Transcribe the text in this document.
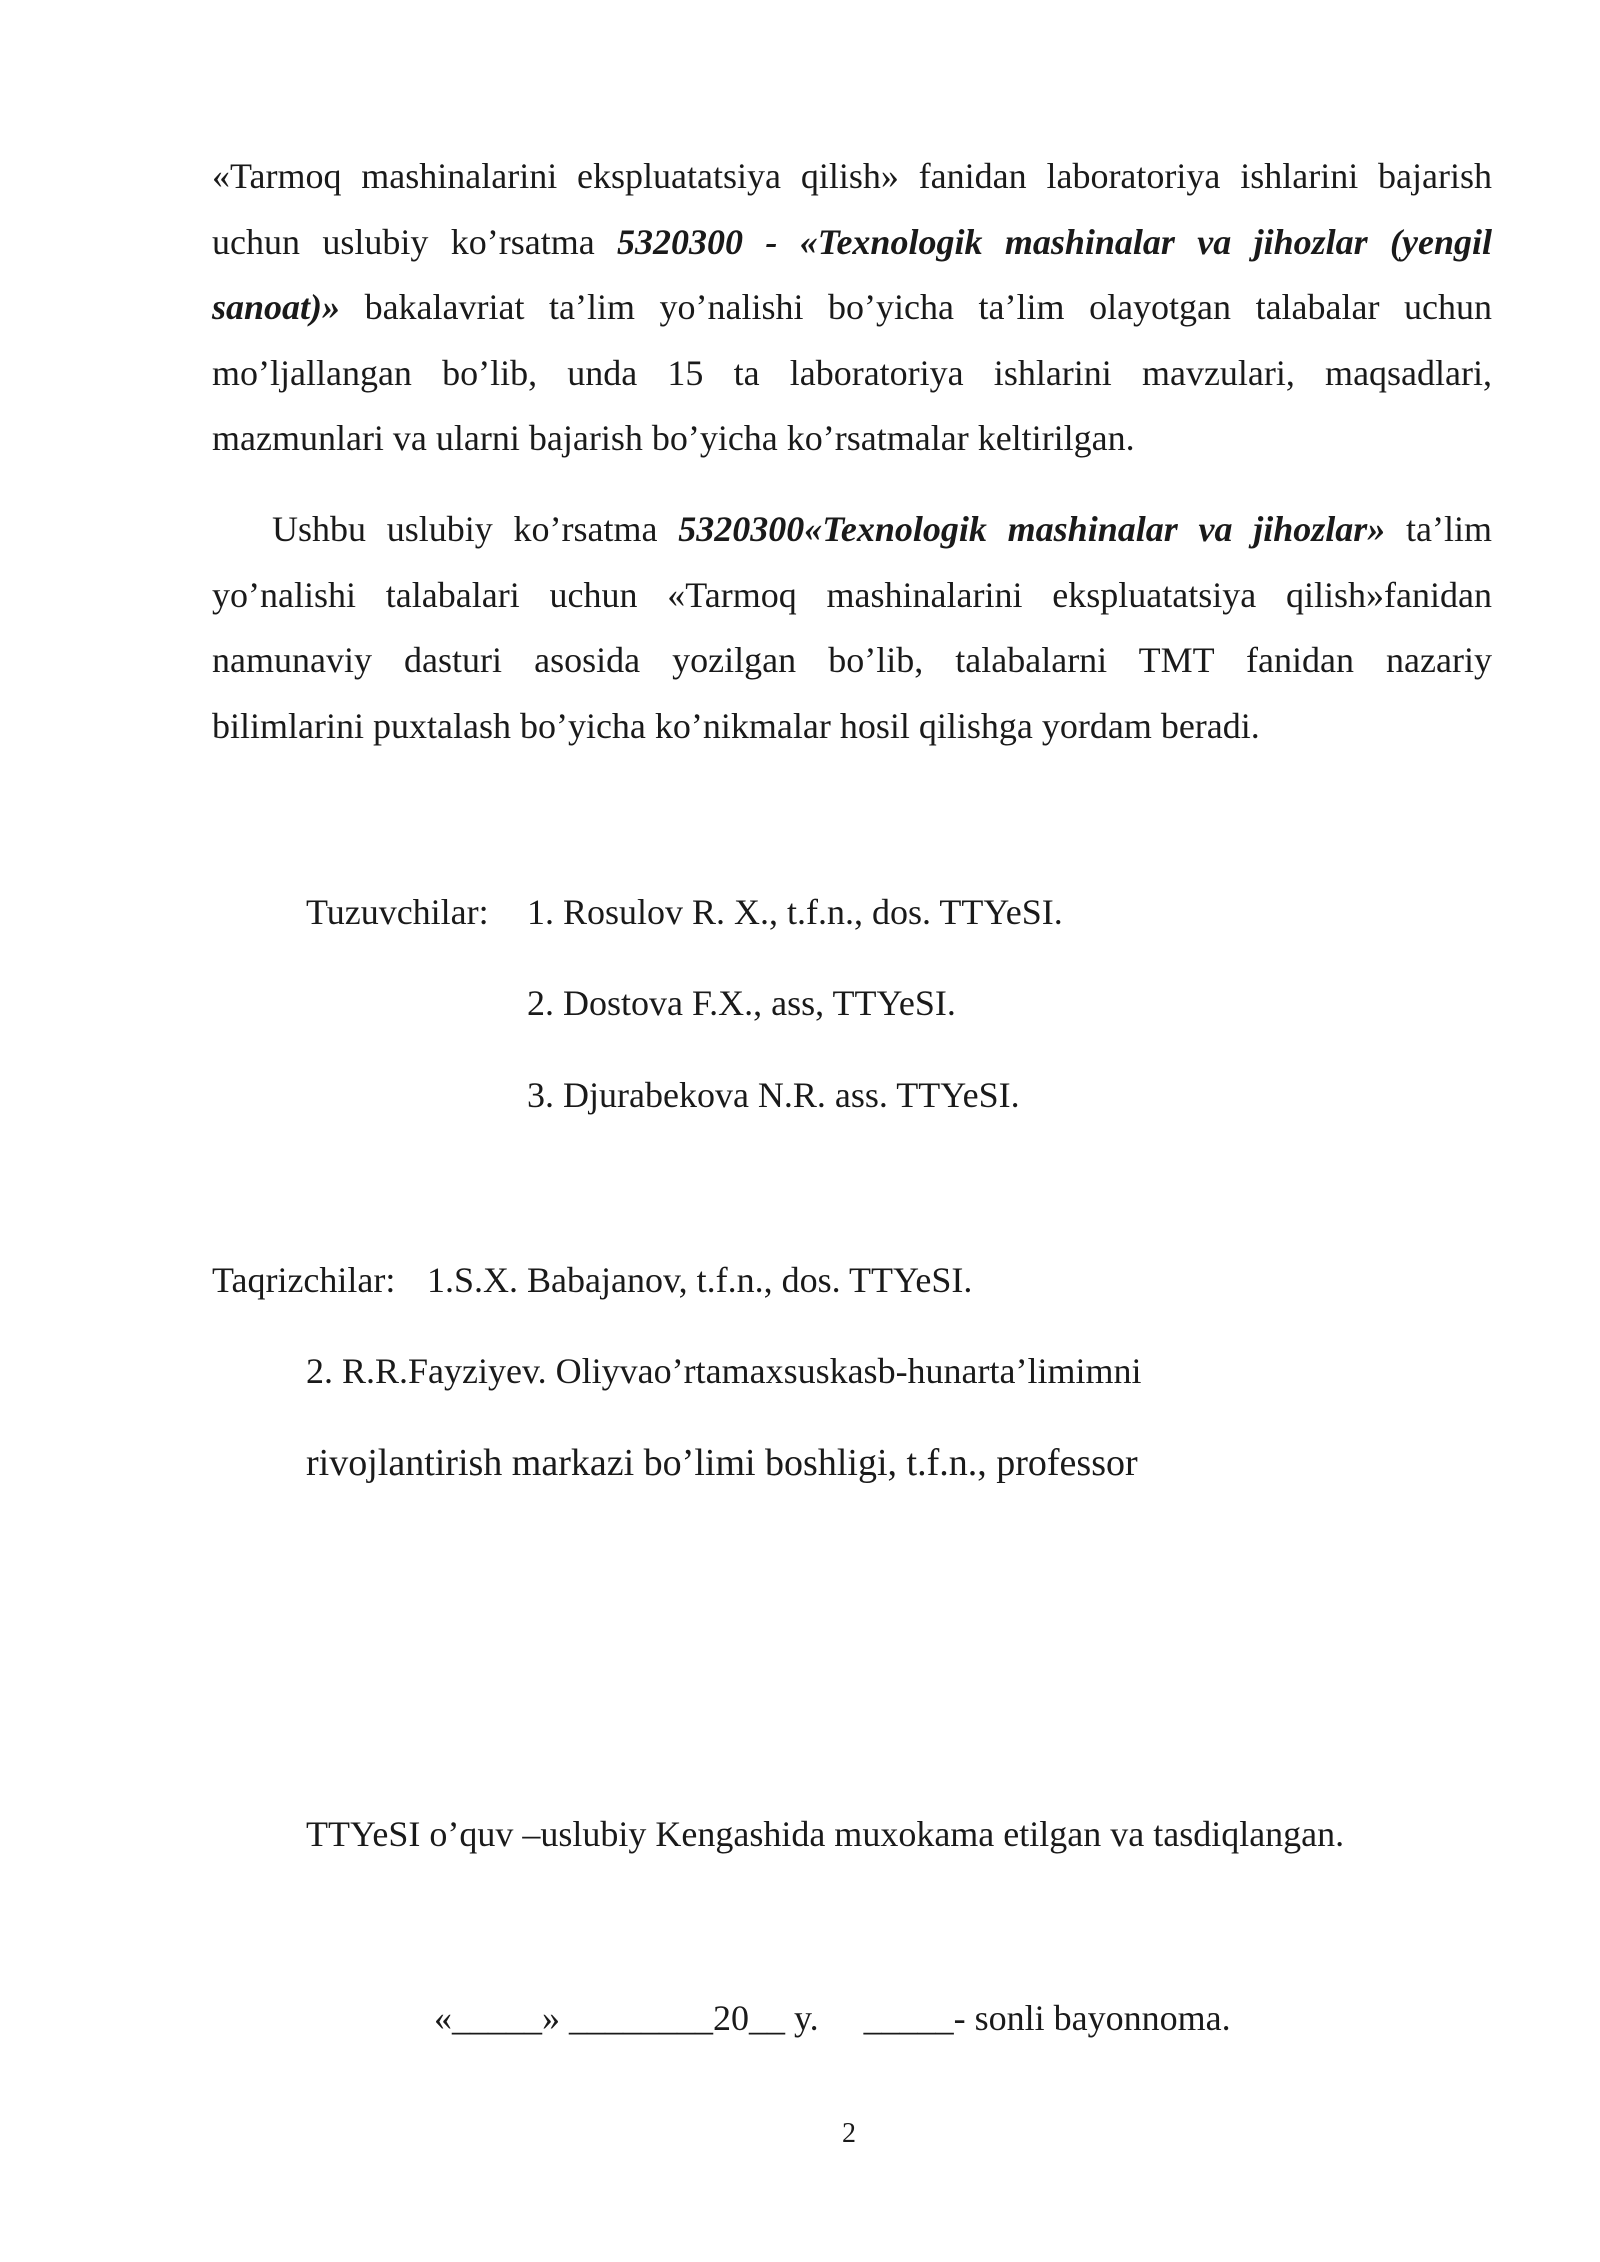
«Tarmoq mashinalarini ekspluatatsiya qilish» fanidan laboratoriya ishlarini bajarish
uchun uslubiy ko’rsatma 5320300 - «Texnologik mashinalar va jihozlar (yengil
sanoat)» bakalavriat ta’lim yo’nalishi bo’yicha ta’lim olayotgan talabalar uchun
mo’ljallangan bo’lib, unda 15 ta laboratoriya ishlarini mavzulari, maqsadlari,
mazmunlari va ularni bajarish bo’yicha ko’rsatmalar keltirilgan.
Ushbu uslubiy ko’rsatma 5320300«Texnologik mashinalar va jihozlar» ta’lim
yo’nalishi talabalari uchun «Tarmoq mashinalarini ekspluatatsiya qilish»fanidan
namunaviy dasturi asosida yozilgan bo’lib, talabalarni TMT fanidan nazariy
bilimlarini puxtalash bo’yicha ko’nikmalar hosil qilishga yordam beradi.

Tuzuvchilar: 1. Rosulov R. X., t.f.n., dos. TTYeSI.

2. Dostova F.X., ass, TTYeSI.

3. Djurabekova N.R. ass. TTYeSI.

Taqrizchilar: 1.S.X. Babajanov, t.f.n., dos. TTYeSI.

2. R.R.Fayziyev. Oliyvao’rtamaxsuskasb-hunarta’limimni

rivojlantirish markazi bo’limi boshligi, t.f.n., professor

TTYeSI o’quv –uslubiy Kengashida muxokama etilgan va tasdiqlangan.

«_____» ________20__ y.     _____- sonli bayonnoma.

2
